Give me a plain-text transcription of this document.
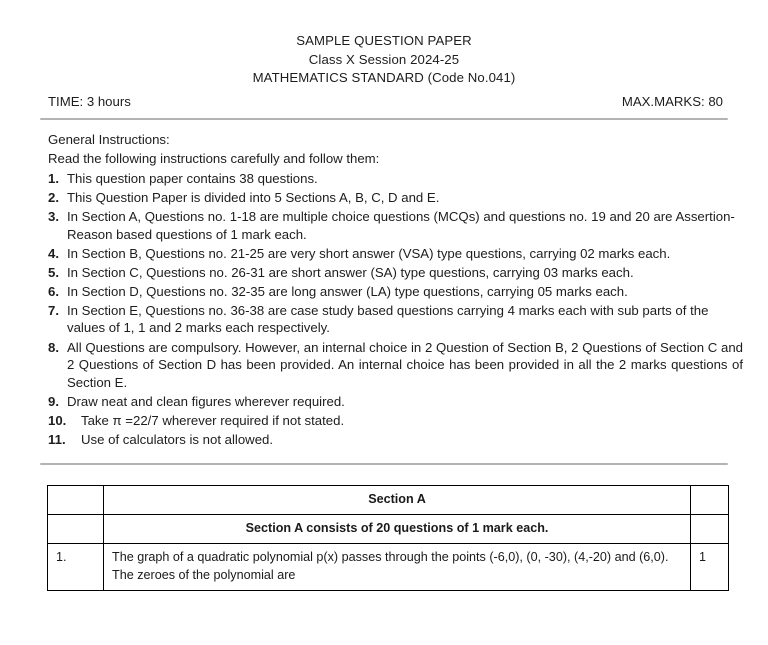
SAMPLE QUESTION PAPER
Class X Session 2024-25
MATHEMATICS STANDARD (Code No.041)
TIME: 3 hours	MAX.MARKS: 80

General Instructions:

Read the following instructions carefully and follow them:

1. This question paper contains 38 questions.
2. This Question Paper is divided into 5 Sections A, B, C, D and E.
3. In Section A, Questions no. 1-18 are multiple choice questions (MCQs) and questions no. 19 and 20 are Assertion- Reason based questions of 1 mark each.
4. In Section B, Questions no. 21-25 are very short answer (VSA) type questions, carrying 02 marks each.
5. In Section C, Questions no. 26-31 are short answer (SA) type questions, carrying 03 marks each.
6. In Section D, Questions no. 32-35 are long answer (LA) type questions, carrying 05 marks each.
7. In Section E, Questions no. 36-38 are case study based questions carrying 4 marks each with sub parts of the values of 1, 1 and 2 marks each respectively.
8. All Questions are compulsory. However, an internal choice in 2 Question of Section B, 2 Questions of Section C and 2 Questions of Section D has been provided. An internal choice has been provided in all the 2 marks questions of Section E.
9. Draw neat and clean figures wherever required.
10. Take π =22/7 wherever required if not stated.
11. Use of calculators is not allowed.
	Section A	
	Section A consists of 20 questions of 1 mark each.	
1.	The graph of a quadratic polynomial p(x) passes through the points (-6,0), (0, -30), (4,-20) and (6,0). The zeroes of the polynomial are	1
